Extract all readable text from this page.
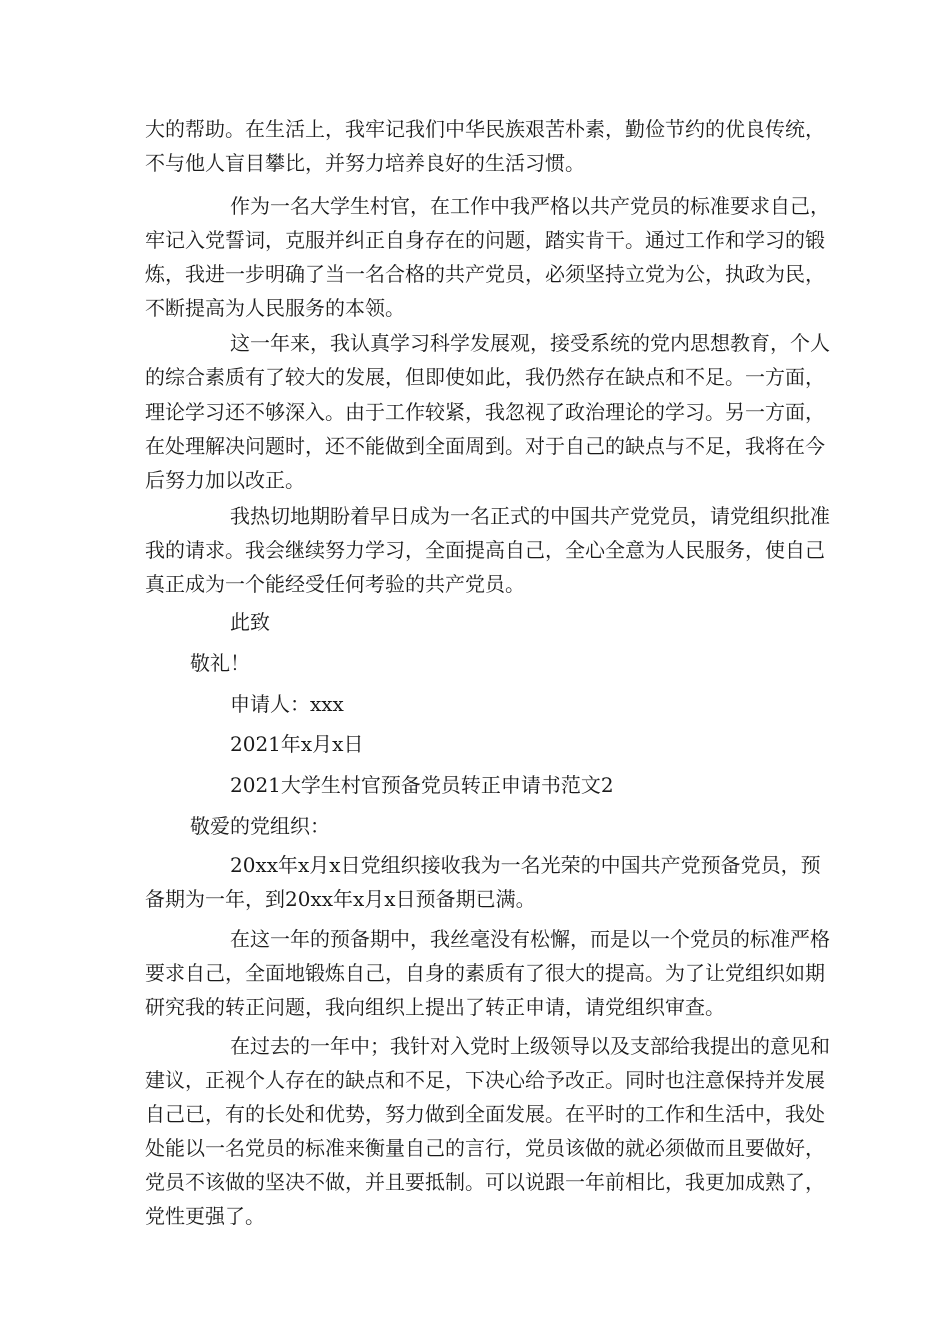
大的帮助。在生活上，我牢记我们中华民族艰苦朴素，勤俭节约的优良传统，
不与他人盲目攀比，并努力培养良好的生活习惯。
作为一名大学生村官，在工作中我严格以共产党员的标准要求自己，
牢记入党誓词，克服并纠正自身存在的问题，踏实肯干。通过工作和学习的锻
炼，我进一步明确了当一名合格的共产党员，必须坚持立党为公，执政为民，
不断提高为人民服务的本领。
这一年来，我认真学习科学发展观，接受系统的党内思想教育，个人
的综合素质有了较大的发展，但即使如此，我仍然存在缺点和不足。一方面，
理论学习还不够深入。由于工作较紧，我忽视了政治理论的学习。另一方面，
在处理解决问题时，还不能做到全面周到。对于自己的缺点与不足，我将在今
后努力加以改正。
我热切地期盼着早日成为一名正式的中国共产党党员，请党组织批准
我的请求。我会继续努力学习，全面提高自己，全心全意为人民服务，使自己
真正成为一个能经受任何考验的共产党员。
此致
敬礼！
申请人：xxx
2021年x月x日
2021大学生村官预备党员转正申请书范文2
敬爱的党组织：
20xx年x月x日党组织接收我为一名光荣的中国共产党预备党员，预
备期为一年，到20xx年x月x日预备期已满。
在这一年的预备期中，我丝毫没有松懈，而是以一个党员的标准严格
要求自己，全面地锻炼自己，自身的素质有了很大的提高。为了让党组织如期
研究我的转正问题，我向组织上提出了转正申请，请党组织审查。
在过去的一年中；我针对入党时上级领导以及支部给我提出的意见和
建议，正视个人存在的缺点和不足，下决心给予改正。同时也注意保持并发展
自己已，有的长处和优势，努力做到全面发展。在平时的工作和生活中，我处
处能以一名党员的标准来衡量自己的言行，党员该做的就必须做而且要做好，
党员不该做的坚决不做，并且要抵制。可以说跟一年前相比，我更加成熟了，
党性更强了。
